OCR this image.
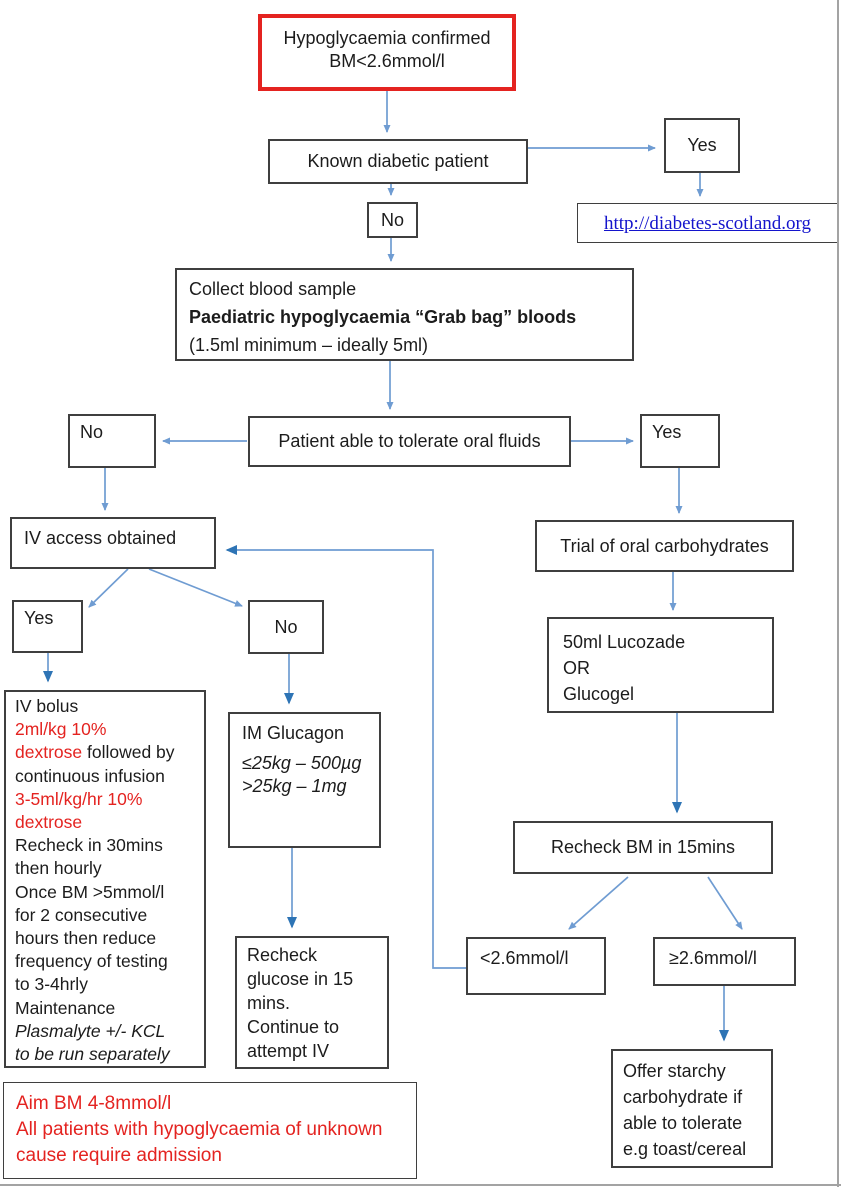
Hypoglycaemia confirmed
BM<2.6mmol/l
Known diabetic patient
Yes
http://diabetes-scotland.org
No
Collect blood sample
Paediatric hypoglycaemia “Grab bag” bloods
(1.5ml minimum – ideally 5ml)
No	Patient able to tolerate oral fluids	Yes
IV access obtained
Yes	No
IV bolus
2ml/kg 10%
dextrose followed by
continuous infusion
3-5ml/kg/hr 10%
dextrose
Recheck in 30mins
then hourly
Once BM >5mmol/l
for 2 consecutive
hours then reduce
frequency of testing
to 3-4hrly
Maintenance
Plasmalyte +/- KCL
to be run separately
IM Glucagon
≤25kg – 500µg
>25kg – 1mg
Recheck
glucose in 15
mins.
Continue to
attempt IV
Trial of oral carbohydrates
50ml Lucozade
OR
Glucogel
Recheck BM in 15mins
<2.6mmol/l	≥2.6mmol/l
Offer starchy
carbohydrate if
able to tolerate
e.g toast/cereal
Aim BM 4-8mmol/l
All patients with hypoglycaemia of unknown
cause require admission
